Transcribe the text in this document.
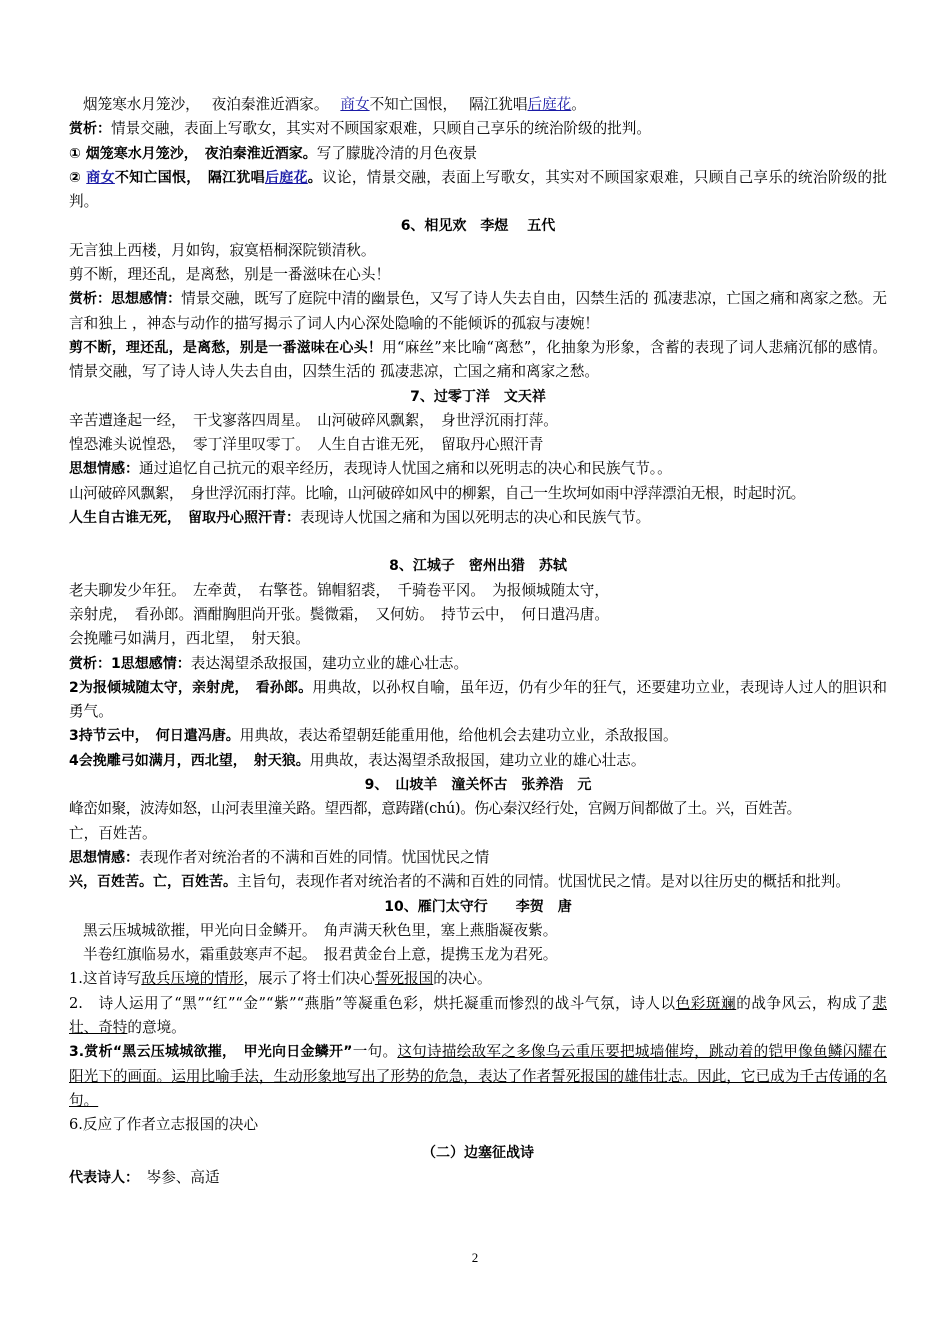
烟笼寒水月笼沙，　 夜泊秦淮近酒家。　 商女不知亡国恨，　 隔江犹唱后庭花。
赏析：情景交融，表面上写歌女，其实对不顾国家艰难，只顾自己享乐的统治阶级的批判。
① 烟笼寒水月笼沙，　夜泊秦淮近酒家。写了朦胧冷清的月色夜景
② 商女不知亡国恨，　隔江犹唱后庭花。议论，情景交融，表面上写歌女，其实对不顾国家艰难，只顾自己享乐的统治阶级的批判。
6、相见欢　李煜　 五代
无言独上西楼，月如钩，寂寞梧桐深院锁清秋。
剪不断，理还乱，是离愁，别是一番滋味在心头！
赏析：思想感情：情景交融，既写了庭院中清的幽景色，又写了诗人失去自由，囚禁生活的 孤凄悲凉，亡国之痛和离家之愁。无言和独上 ，神态与动作的描写揭示了词人内心深处隐喻的不能倾诉的孤寂与凄婉！
剪不断，理还乱，是离愁，别是一番滋味在心头！用“麻丝”来比喻“离愁”，化抽象为形象，含蓄的表现了词人悲痛沉郁的感情。情景交融，写了诗人诗人失去自由，囚禁生活的 孤凄悲凉，亡国之痛和离家之愁。
7、过零丁洋　文天祥
辛苦遭逢起一经，　干戈寥落四周星。　山河破碎风飘絮，　身世浮沉雨打萍。
惶恐滩头说惶恐，　零丁洋里叹零丁。　人生自古谁无死，　留取丹心照汗青
思想情感：通过追忆自己抗元的艰辛经历，表现诗人忧国之痛和以死明志的决心和民族气节。。
山河破碎风飘絮，　身世浮沉雨打萍。比喻，山河破碎如风中的柳絮，自己一生坎坷如雨中浮萍漂泊无根，时起时沉。
人生自古谁无死，　留取丹心照汗青：表现诗人忧国之痛和为国以死明志的决心和民族气节。
8、江城子　密州出猎　苏轼
老夫聊发少年狂。　左牵黄，　右擎苍。锦帽貂裘，　千骑卷平冈。　为报倾城随太守，
亲射虎，　看孙郎。酒酣胸胆尚开张。鬓微霜，　又何妨。　持节云中，　何日遣冯唐。
会挽雕弓如满月，西北望，　射天狼。
赏析：1思想感情：表达渴望杀敌报国，建功立业的雄心壮志。
2为报倾城随太守，亲射虎，　看孙郎。用典故，以孙权自喻，虽年迈，仍有少年的狂气，还要建功立业，表现诗人过人的胆识和勇气。
3持节云中，　何日遣冯唐。用典故，表达希望朝廷能重用他，给他机会去建功立业，杀敌报国。
4会挽雕弓如满月，西北望，　射天狼。用典故，表达渴望杀敌报国，建功立业的雄心壮志。
9、　山坡羊　潼关怀古　张养浩　元
峰峦如聚，波涛如怒，山河表里潼关路。望西都，意踌躇(chú)。伤心秦汉经行处，宫阙万间都做了土。兴，百姓苦。
亡，百姓苦。
思想情感：表现作者对统治者的不满和百姓的同情。忧国忧民之情
兴，百姓苦。亡，百姓苦。主旨句，表现作者对统治者的不满和百姓的同情。忧国忧民之情。是对以往历史的概括和批判。
10、雁门太守行　　李贺　唐
黑云压城城欲摧，甲光向日金鳞开。　角声满天秋色里，塞上燕脂凝夜紫。
半卷红旗临易水，霜重鼓寒声不起。　报君黄金台上意，提携玉龙为君死。
1.这首诗写敌兵压境的情形，展示了将士们决心誓死报国的决心。
2.　诗人运用了“黑”“红”“金”“紫”“燕脂”等凝重色彩，烘托凝重而惨烈的战斗气氛，诗人以色彩斑斓的战争风云，构成了悲壮、奇特的意境。
3.赏析“黑云压城城欲摧，　甲光向日金鳞开”一句。这句诗描绘敌军之多像乌云重压要把城墙催垮，跳动着的铠甲像鱼鳞闪耀在阳光下的画面。运用比喻手法，生动形象地写出了形势的危急，表达了作者誓死报国的雄伟壮志。因此，它已成为千古传诵的名句。
6.反应了作者立志报国的决心
（二）边塞征战诗
代表诗人：　岑参、高适
2
